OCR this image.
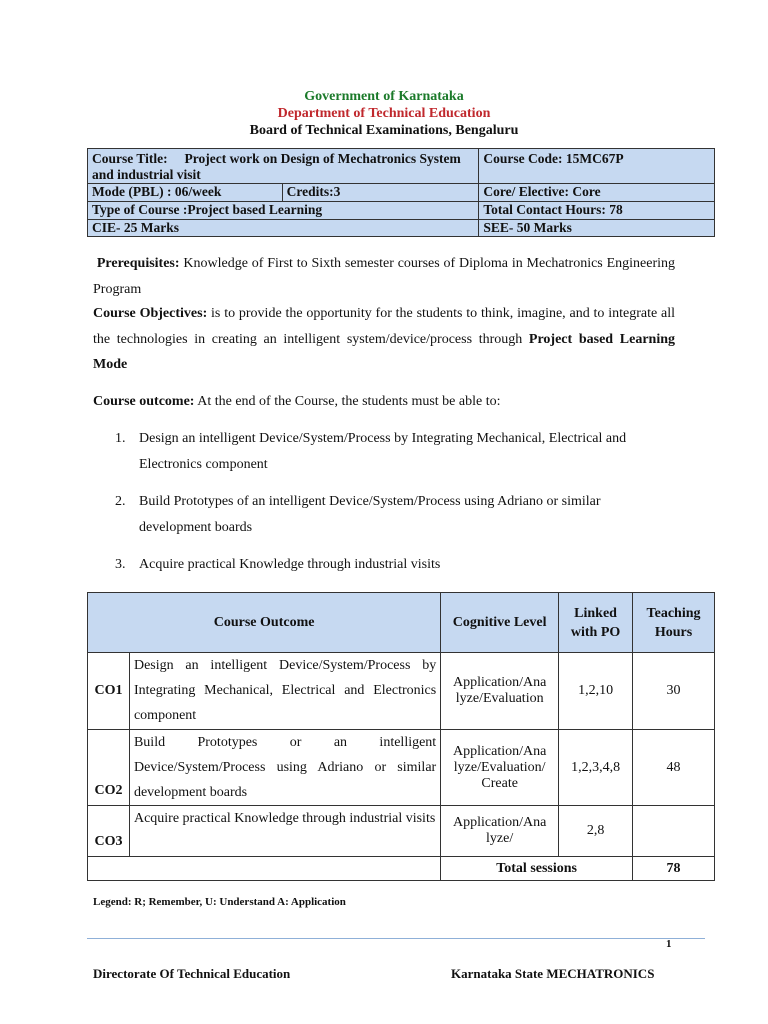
Government of Karnataka
Department of Technical Education
Board of Technical Examinations, Bengaluru
Course Title: Project work on Design of Mechatronics System and industrial visit		Course Code: 15MC67P
Mode (PBL) : 06/week	Credits:3	Core/ Elective: Core
Type of Course :Project based Learning		Total Contact Hours: 78
CIE- 25 Marks		SEE- 50 Marks
Prerequisites: Knowledge of First to Sixth semester courses of Diploma in Mechatronics Engineering Program
Course Objectives: is to provide the opportunity for the students to think, imagine, and to integrate all the technologies in creating an intelligent system/device/process through Project based Learning Mode
Course outcome: At the end of the Course, the students must be able to:
1. Design an intelligent Device/System/Process by Integrating Mechanical, Electrical and Electronics component
2. Build Prototypes of an intelligent Device/System/Process using Adriano or similar development boards
3. Acquire practical Knowledge through industrial visits
Course Outcome		Cognitive Level	Linked with PO	Teaching Hours
CO1	Design an intelligent Device/System/Process by Integrating Mechanical, Electrical and Electronics component	Application/Ana lyze/Evaluation	1,2,10	30
CO2	Build Prototypes or an intelligent Device/System/Process using Adriano or similar development boards	Application/Ana lyze/Evaluation/ Create	1,2,3,4,8	48
CO3	Acquire practical Knowledge through industrial visits	Application/Ana lyze/	2,8	
		Total sessions		78
Legend: R; Remember, U: Understand A: Application
1
Directorate Of Technical Education	Karnataka State MECHATRONICS
